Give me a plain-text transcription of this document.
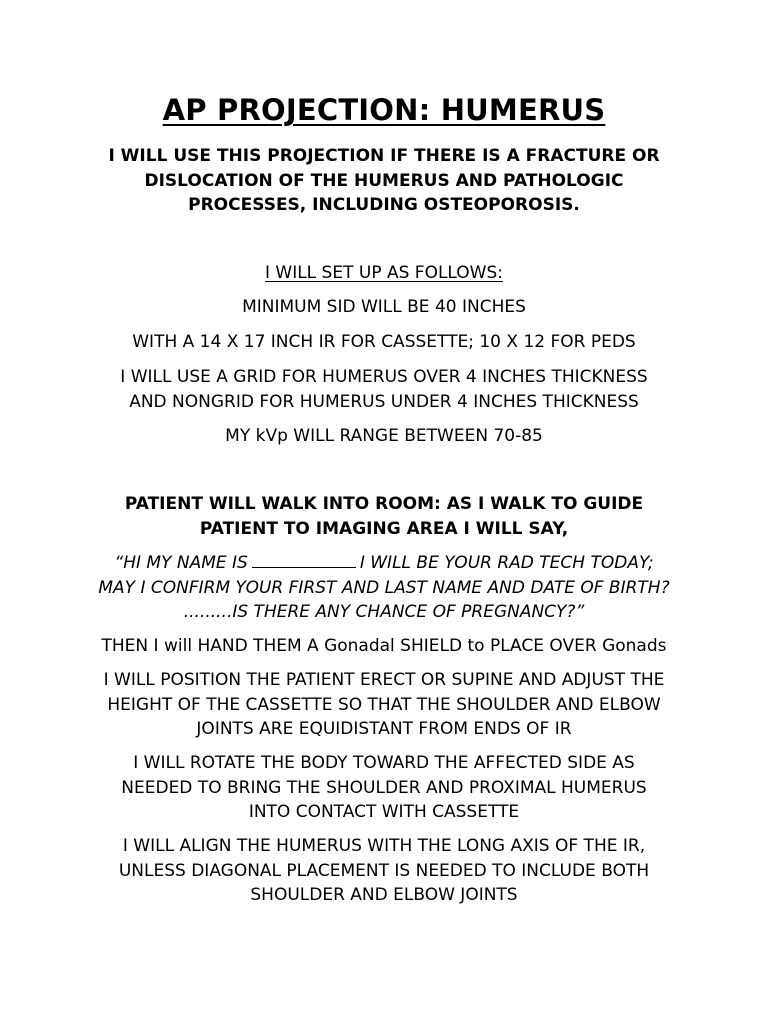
AP PROJECTION: HUMERUS

I WILL USE THIS PROJECTION IF THERE IS A FRACTURE OR DISLOCATION OF THE HUMERUS AND PATHOLOGIC PROCESSES, INCLUDING OSTEOPOROSIS.

I WILL SET UP AS FOLLOWS:

MINIMUM SID WILL BE 40 INCHES

WITH A 14 X 17 INCH IR FOR CASSETTE; 10 X 12 FOR PEDS

I WILL USE A GRID FOR HUMERUS OVER 4 INCHES THICKNESS AND NONGRID FOR HUMERUS UNDER 4 INCHES THICKNESS

MY kVp WILL RANGE BETWEEN 70-85

PATIENT WILL WALK INTO ROOM: AS I WALK TO GUIDE PATIENT TO IMAGING AREA I WILL SAY,

“HI MY NAME IS	I WILL BE YOUR RAD TECH TODAY; MAY I CONFIRM YOUR FIRST AND LAST NAME AND DATE OF BIRTH? .........IS THERE ANY CHANCE OF PREGNANCY?”

THEN I will HAND THEM A Gonadal SHIELD to PLACE OVER Gonads

I WILL POSITION THE PATIENT ERECT OR SUPINE AND ADJUST THE HEIGHT OF THE CASSETTE SO THAT THE SHOULDER AND ELBOW JOINTS ARE EQUIDISTANT FROM ENDS OF IR

I WILL ROTATE THE BODY TOWARD THE AFFECTED SIDE AS NEEDED TO BRING THE SHOULDER AND PROXIMAL HUMERUS INTO CONTACT WITH CASSETTE

I WILL ALIGN THE HUMERUS WITH THE LONG AXIS OF THE IR, UNLESS DIAGONAL PLACEMENT IS NEEDED TO INCLUDE BOTH SHOULDER AND ELBOW JOINTS
